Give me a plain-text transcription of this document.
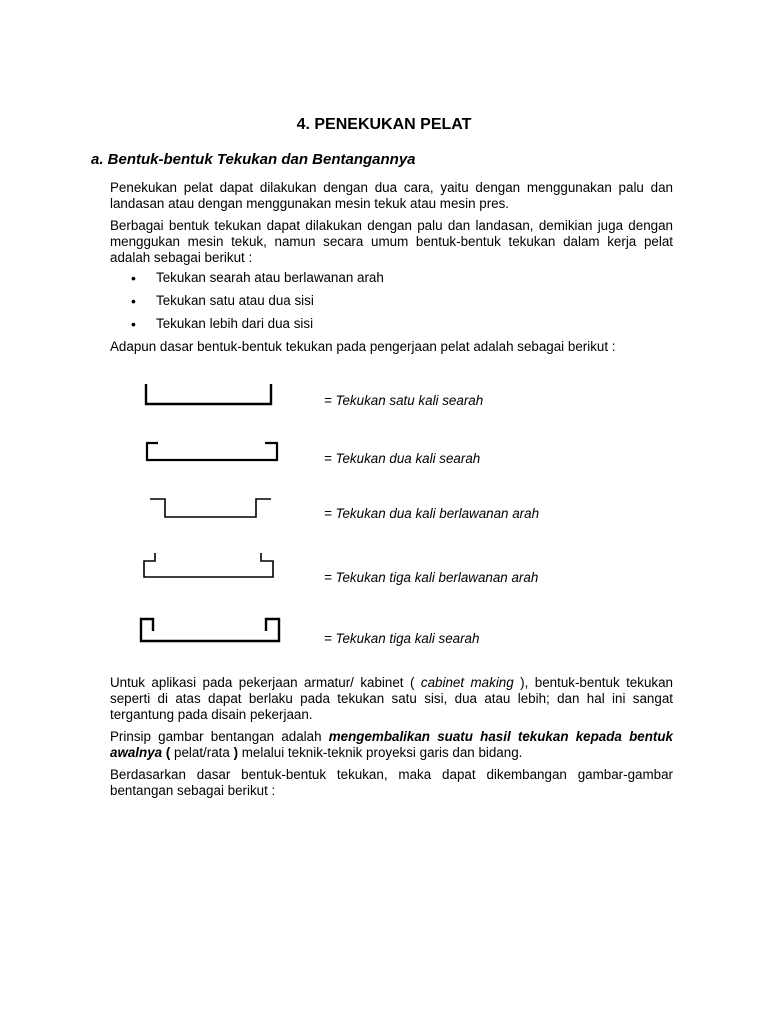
4. PENEKUKAN PELAT
a. Bentuk-bentuk Tekukan dan Bentangannya

Penekukan pelat dapat dilakukan dengan dua cara, yaitu dengan menggunakan palu dan landasan atau dengan menggunakan mesin tekuk atau mesin pres.

Berbagai bentuk tekukan dapat dilakukan dengan palu dan landasan, demikian juga dengan menggukan mesin tekuk, namun secara umum bentuk-bentuk tekukan dalam kerja pelat adalah sebagai berikut :

• Tekukan searah atau berlawanan arah
• Tekukan satu atau dua sisi
• Tekukan lebih dari dua sisi

Adapun dasar bentuk-bentuk tekukan pada pengerjaan pelat adalah sebagai berikut :

= Tekukan satu kali searah
= Tekukan dua kali searah
= Tekukan dua kali berlawanan arah
= Tekukan tiga kali berlawanan arah
= Tekukan tiga kali searah

Untuk aplikasi pada pekerjaan armatur/ kabinet ( cabinet making ), bentuk-bentuk tekukan seperti di atas dapat berlaku pada tekukan satu sisi, dua atau lebih; dan hal ini sangat tergantung pada disain pekerjaan.

Prinsip gambar bentangan adalah mengembalikan suatu hasil tekukan kepada bentuk awalnya ( pelat/rata ) melalui teknik-teknik proyeksi garis dan bidang.

Berdasarkan dasar bentuk-bentuk tekukan, maka dapat dikembangan gambar-gambar bentangan sebagai berikut :
